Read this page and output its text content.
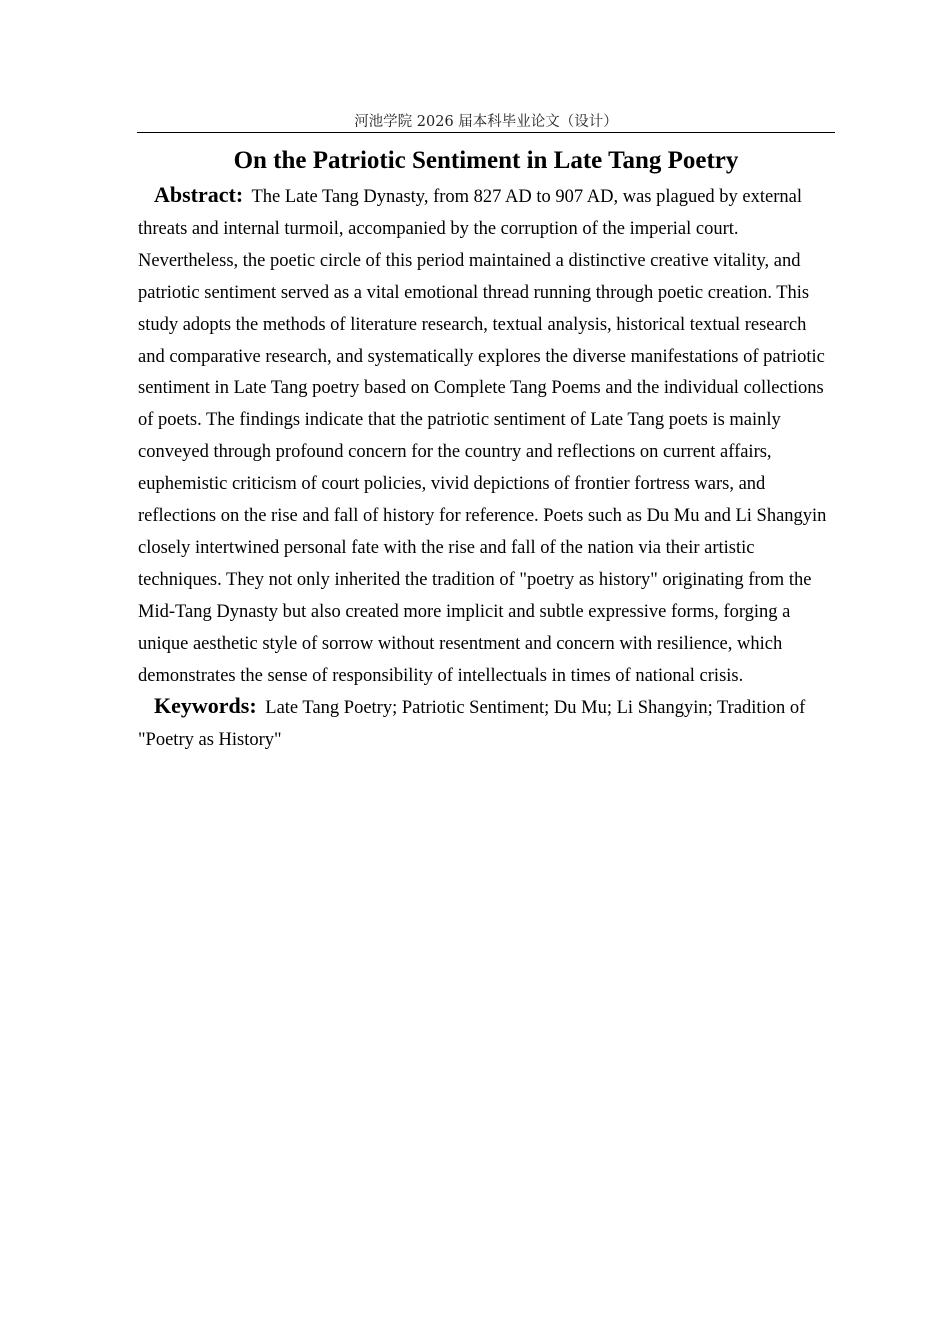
河池学院 2026 届本科毕业论文（设计）
On the Patriotic Sentiment in Late Tang Poetry

Abstract: The Late Tang Dynasty, from 827 AD to 907 AD, was plagued by external threats and internal turmoil, accompanied by the corruption of the imperial court. Nevertheless, the poetic circle of this period maintained a distinctive creative vitality, and patriotic sentiment served as a vital emotional thread running through poetic creation. This study adopts the methods of literature research, textual analysis, historical textual research and comparative research, and systematically explores the diverse manifestations of patriotic sentiment in Late Tang poetry based on Complete Tang Poems and the individual collections of poets. The findings indicate that the patriotic sentiment of Late Tang poets is mainly conveyed through profound concern for the country and reflections on current affairs, euphemistic criticism of court policies, vivid depictions of frontier fortress wars, and reflections on the rise and fall of history for reference. Poets such as Du Mu and Li Shangyin closely intertwined personal fate with the rise and fall of the nation via their artistic techniques. They not only inherited the tradition of "poetry as history" originating from the Mid-Tang Dynasty but also created more implicit and subtle expressive forms, forging a unique aesthetic style of sorrow without resentment and concern with resilience, which demonstrates the sense of responsibility of intellectuals in times of national crisis.

Keywords: Late Tang Poetry; Patriotic Sentiment; Du Mu; Li Shangyin; Tradition of "Poetry as History"
